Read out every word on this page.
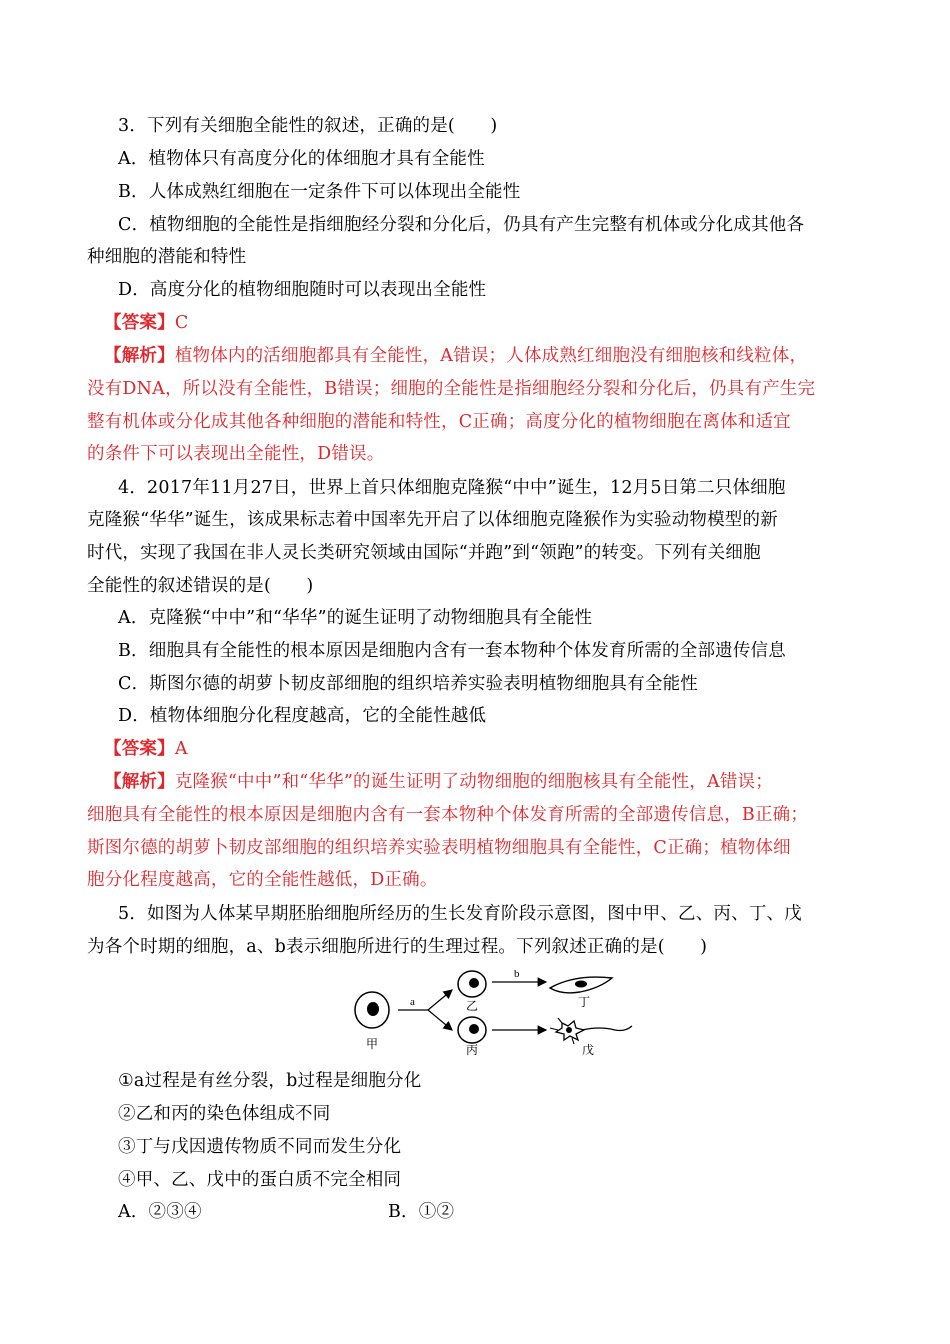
3．下列有关细胞全能性的叙述，正确的是(　　)
A．植物体只有高度分化的体细胞才具有全能性
B．人体成熟红细胞在一定条件下可以体现出全能性
C．植物细胞的全能性是指细胞经分裂和分化后，仍具有产生完整有机体或分化成其他各
种细胞的潜能和特性
D．高度分化的植物细胞随时可以表现出全能性
【答案】C
【解析】植物体内的活细胞都具有全能性，A错误；人体成熟红细胞没有细胞核和线粒体，
没有DNA，所以没有全能性，B错误；细胞的全能性是指细胞经分裂和分化后，仍具有产生完
整有机体或分化成其他各种细胞的潜能和特性，C正确；高度分化的植物细胞在离体和适宜
的条件下可以表现出全能性，D错误。
4．2017年11月27日，世界上首只体细胞克隆猴“中中”诞生，12月5日第二只体细胞
克隆猴“华华”诞生，该成果标志着中国率先开启了以体细胞克隆猴作为实验动物模型的新
时代，实现了我国在非人灵长类研究领域由国际“并跑”到“领跑”的转变。下列有关细胞
全能性的叙述错误的是(　　)
A．克隆猴“中中”和“华华”的诞生证明了动物细胞具有全能性
B．细胞具有全能性的根本原因是细胞内含有一套本物种个体发育所需的全部遗传信息
C．斯图尔德的胡萝卜韧皮部细胞的组织培养实验表明植物细胞具有全能性
D．植物体细胞分化程度越高，它的全能性越低
【答案】A
【解析】克隆猴“中中”和“华华”的诞生证明了动物细胞的细胞核具有全能性，A错误；
细胞具有全能性的根本原因是细胞内含有一套本物种个体发育所需的全部遗传信息，B正确；
斯图尔德的胡萝卜韧皮部细胞的组织培养实验表明植物细胞具有全能性，C正确；植物体细
胞分化程度越高，它的全能性越低，D正确。
5．如图为人体某早期胚胎细胞所经历的生长发育阶段示意图，图中甲、乙、丙、丁、戊
为各个时期的细胞，a、b表示细胞所进行的生理过程。下列叙述正确的是(　　)
甲
a	乙
丙
b
丁
戊
①a过程是有丝分裂，b过程是细胞分化
②乙和丙的染色体组成不同
③丁与戊因遗传物质不同而发生分化
④甲、乙、戊中的蛋白质不完全相同
A．②③④	B．①②
